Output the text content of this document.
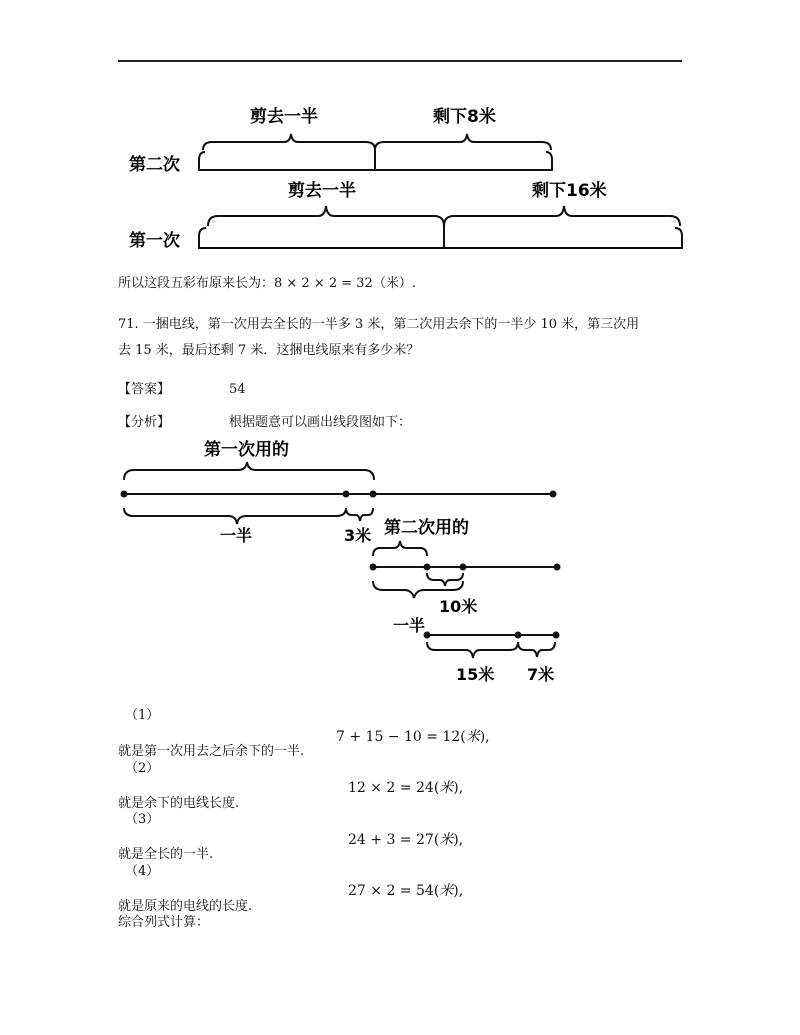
第二次
剪去一半	剩下8米
第一次
剪去一半	剩下16米
所以这段五彩布原来长为：8 × 2 × 2 = 32（米）.
71. 一捆电线，第一次用去全长的一半多 3 米，第二次用去余下的一半少 10 米，第三次用
去 15 米，最后还剩 7 米．这捆电线原来有多少米？
【答案】	54
【分析】	根据题意可以画出线段图如下：
第一次用的
一半	3米 第二次用的
10米
一半
15米 7米
（1）
7 + 15 − 10 = 12(米),
就是第一次用去之后余下的一半.
（2）
12 × 2 = 24(米),
就是余下的电线长度.
（3）
24 + 3 = 27(米),
就是全长的一半.
（4）
27 × 2 = 54(米),
就是原来的电线的长度.
综合列式计算：
